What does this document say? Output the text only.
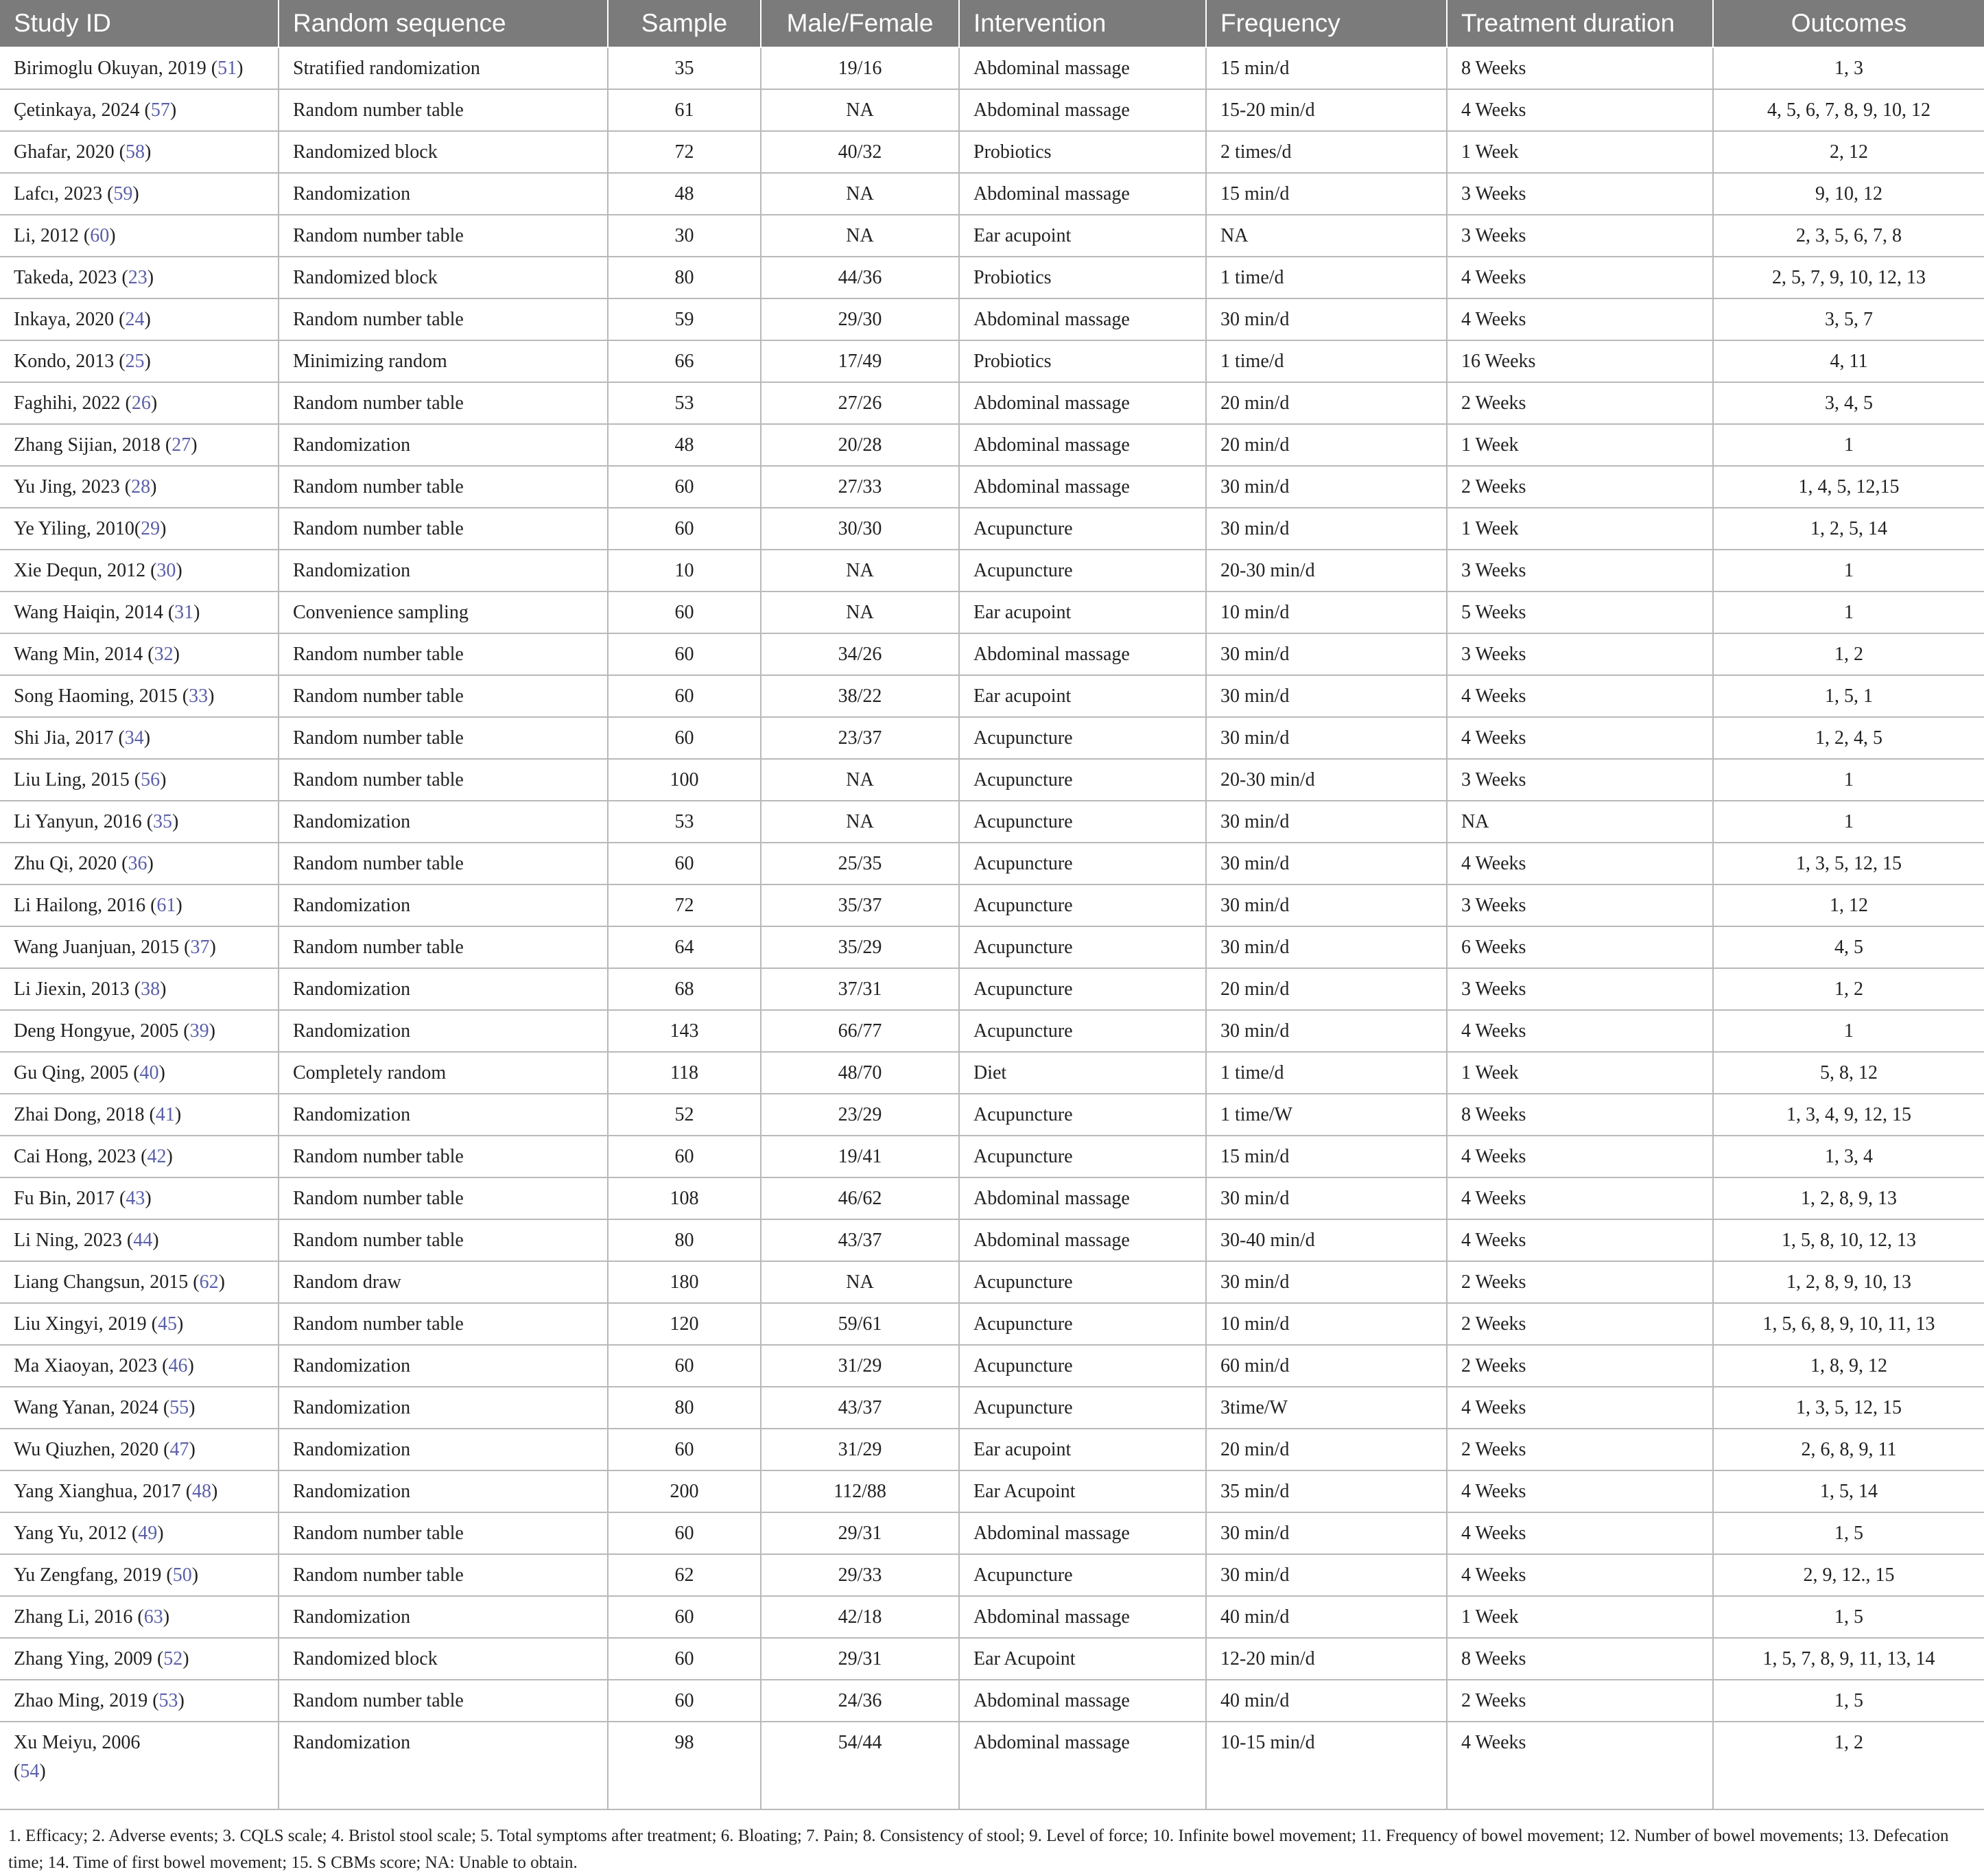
Study ID	Random sequence	Sample	Male/Female	Intervention	Frequency	Treatment duration	Outcomes
Birimoglu Okuyan, 2019 (51)	Stratified randomization	35	19/16	Abdominal massage	15 min/d	8 Weeks	1, 3
Çetinkaya, 2024 (57)	Random number table	61	NA	Abdominal massage	15-20 min/d	4 Weeks	4, 5, 6, 7, 8, 9, 10, 12
Ghafar, 2020 (58)	Randomized block	72	40/32	Probiotics	2 times/d	1 Week	2, 12
Lafcı, 2023 (59)	Randomization	48	NA	Abdominal massage	15 min/d	3 Weeks	9, 10, 12
Li, 2012 (60)	Random number table	30	NA	Ear acupoint	NA	3 Weeks	2, 3, 5, 6, 7, 8
Takeda, 2023 (23)	Randomized block	80	44/36	Probiotics	1 time/d	4 Weeks	2, 5, 7, 9, 10, 12, 13
Inkaya, 2020 (24)	Random number table	59	29/30	Abdominal massage	30 min/d	4 Weeks	3, 5, 7
Kondo, 2013 (25)	Minimizing random	66	17/49	Probiotics	1 time/d	16 Weeks	4, 11
Faghihi, 2022 (26)	Random number table	53	27/26	Abdominal massage	20 min/d	2 Weeks	3, 4, 5
Zhang Sijian, 2018 (27)	Randomization	48	20/28	Abdominal massage	20 min/d	1 Week	1
Yu Jing, 2023 (28)	Random number table	60	27/33	Abdominal massage	30 min/d	2 Weeks	1, 4, 5, 12,15
Ye Yiling, 2010(29)	Random number table	60	30/30	Acupuncture	30 min/d	1 Week	1, 2, 5, 14
Xie Dequn, 2012 (30)	Randomization	10	NA	Acupuncture	20-30 min/d	3 Weeks	1
Wang Haiqin, 2014 (31)	Convenience sampling	60	NA	Ear acupoint	10 min/d	5 Weeks	1
Wang Min, 2014 (32)	Random number table	60	34/26	Abdominal massage	30 min/d	3 Weeks	1, 2
Song Haoming, 2015 (33)	Random number table	60	38/22	Ear acupoint	30 min/d	4 Weeks	1, 5, 1
Shi Jia, 2017 (34)	Random number table	60	23/37	Acupuncture	30 min/d	4 Weeks	1, 2, 4, 5
Liu Ling, 2015 (56)	Random number table	100	NA	Acupuncture	20-30 min/d	3 Weeks	1
Li Yanyun, 2016 (35)	Randomization	53	NA	Acupuncture	30 min/d	NA	1
Zhu Qi, 2020 (36)	Random number table	60	25/35	Acupuncture	30 min/d	4 Weeks	1, 3, 5, 12, 15
Li Hailong, 2016 (61)	Randomization	72	35/37	Acupuncture	30 min/d	3 Weeks	1, 12
Wang Juanjuan, 2015 (37)	Random number table	64	35/29	Acupuncture	30 min/d	6 Weeks	4, 5
Li Jiexin, 2013 (38)	Randomization	68	37/31	Acupuncture	20 min/d	3 Weeks	1, 2
Deng Hongyue, 2005 (39)	Randomization	143	66/77	Acupuncture	30 min/d	4 Weeks	1
Gu Qing, 2005 (40)	Completely random	118	48/70	Diet	1 time/d	1 Week	5, 8, 12
Zhai Dong, 2018 (41)	Randomization	52	23/29	Acupuncture	1 time/W	8 Weeks	1, 3, 4, 9, 12, 15
Cai Hong, 2023 (42)	Random number table	60	19/41	Acupuncture	15 min/d	4 Weeks	1, 3, 4
Fu Bin, 2017 (43)	Random number table	108	46/62	Abdominal massage	30 min/d	4 Weeks	1, 2, 8, 9, 13
Li Ning, 2023 (44)	Random number table	80	43/37	Abdominal massage	30-40 min/d	4 Weeks	1, 5, 8, 10, 12, 13
Liang Changsun, 2015 (62)	Random draw	180	NA	Acupuncture	30 min/d	2 Weeks	1, 2, 8, 9, 10, 13
Liu Xingyi, 2019 (45)	Random number table	120	59/61	Acupuncture	10 min/d	2 Weeks	1, 5, 6, 8, 9, 10, 11, 13
Ma Xiaoyan, 2023 (46)	Randomization	60	31/29	Acupuncture	60 min/d	2 Weeks	1, 8, 9, 12
Wang Yanan, 2024 (55)	Randomization	80	43/37	Acupuncture	3time/W	4 Weeks	1, 3, 5, 12, 15
Wu Qiuzhen, 2020 (47)	Randomization	60	31/29	Ear acupoint	20 min/d	2 Weeks	2, 6, 8, 9, 11
Yang Xianghua, 2017 (48)	Randomization	200	112/88	Ear Acupoint	35 min/d	4 Weeks	1, 5, 14
Yang Yu, 2012 (49)	Random number table	60	29/31	Abdominal massage	30 min/d	4 Weeks	1, 5
Yu Zengfang, 2019 (50)	Random number table	62	29/33	Acupuncture	30 min/d	4 Weeks	2, 9, 12., 15
Zhang Li, 2016 (63)	Randomization	60	42/18	Abdominal massage	40 min/d	1 Week	1, 5
Zhang Ying, 2009 (52)	Randomized block	60	29/31	Ear Acupoint	12-20 min/d	8 Weeks	1, 5, 7, 8, 9, 11, 13, 14
Zhao Ming, 2019 (53)	Random number table	60	24/36	Abdominal massage	40 min/d	2 Weeks	1, 5
Xu Meiyu, 2006
(54)	Randomization	98	54/44	Abdominal massage	10-15 min/d	4 Weeks	1, 2
1. Efficacy; 2. Adverse events; 3. CQLS scale; 4. Bristol stool scale; 5. Total symptoms after treatment; 6. Bloating; 7. Pain; 8. Consistency of stool; 9. Level of force; 10. Infinite bowel movement; 11. Frequency of bowel movement; 12. Number of bowel movements; 13. Defecation time; 14. Time of first bowel movement; 15. S CBMs score; NA: Unable to obtain.
